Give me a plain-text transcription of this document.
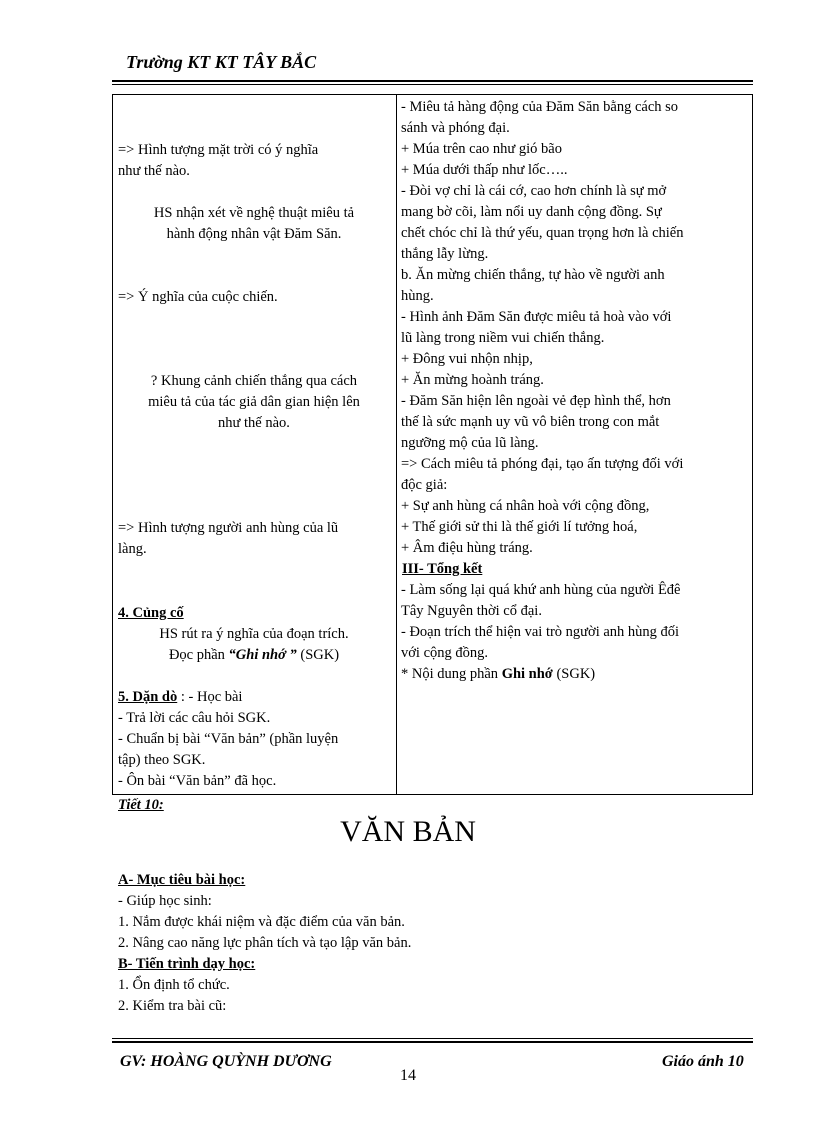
Trường KT KT TÂY BẮC
=> Hình tượng mặt trời có ý nghĩa
như thế nào.
HS nhận xét về nghệ thuật miêu tả
hành động nhân vật Đăm Săn.
=> Ý nghĩa của cuộc chiến.
? Khung cảnh chiến thắng qua cách
miêu tả của tác giả dân gian hiện lên
như thế nào.
=> Hình tượng người anh hùng của lũ
làng.
4. Củng cố
HS rút ra ý nghĩa của đoạn trích.
Đọc phần “Ghi nhớ ” (SGK)
5. Dặn dò : - Học bài
- Trả lời các câu hỏi SGK.
- Chuẩn bị bài “Văn bản” (phần luyện
tập) theo SGK.
- Ôn bài “Văn bản” đã học.
- Miêu tả hàng động của Đăm Săn bằng cách so
sánh và phóng đại.
+ Múa trên cao như gió bão
+ Múa dưới thấp như lốc…..
- Đòi vợ chỉ là cái cớ, cao hơn chính là sự mở
mang bờ cõi, làm nổi uy danh cộng đồng. Sự
chết chóc chỉ là thứ yếu, quan trọng hơn là chiến
thắng lẫy lừng.
b. Ăn mừng chiến thắng, tự hào về người anh
hùng.
- Hình ảnh Đăm Săn được miêu tả hoà vào với
lũ làng trong niềm vui chiến thắng.
+ Đông vui nhộn nhịp,
+ Ăn mừng hoành tráng.
- Đăm Săn hiện lên ngoài vẻ đẹp hình thể, hơn
thế là sức mạnh uy vũ vô biên trong con mắt
ngưỡng mộ của lũ làng.
=> Cách miêu tả phóng đại, tạo ấn tượng đối với
độc giả:
+ Sự anh hùng cá nhân hoà với cộng đồng,
+ Thế giới sử thi là thế giới lí tưởng hoá,
+ Âm điệu hùng tráng.
III- Tổng kết
- Làm sống lại quá khứ anh hùng của người Êđê
Tây Nguyên thời cổ đại.
- Đoạn trích thể hiện vai trò người anh hùng đối
với cộng đồng.
* Nội dung phần Ghi nhớ (SGK)
Tiết 10:
VĂN BẢN
A- Mục tiêu bài học:
- Giúp học sinh:
1. Nắm được khái niệm và đặc điểm của văn bản.
2. Nâng cao năng lực phân tích và tạo lập văn bản.
B- Tiến trình dạy học:
1. Ổn định tổ chức.
2. Kiểm tra bài cũ:
GV: HOÀNG QUỲNH DƯƠNG	Giáo ánh 10
14
